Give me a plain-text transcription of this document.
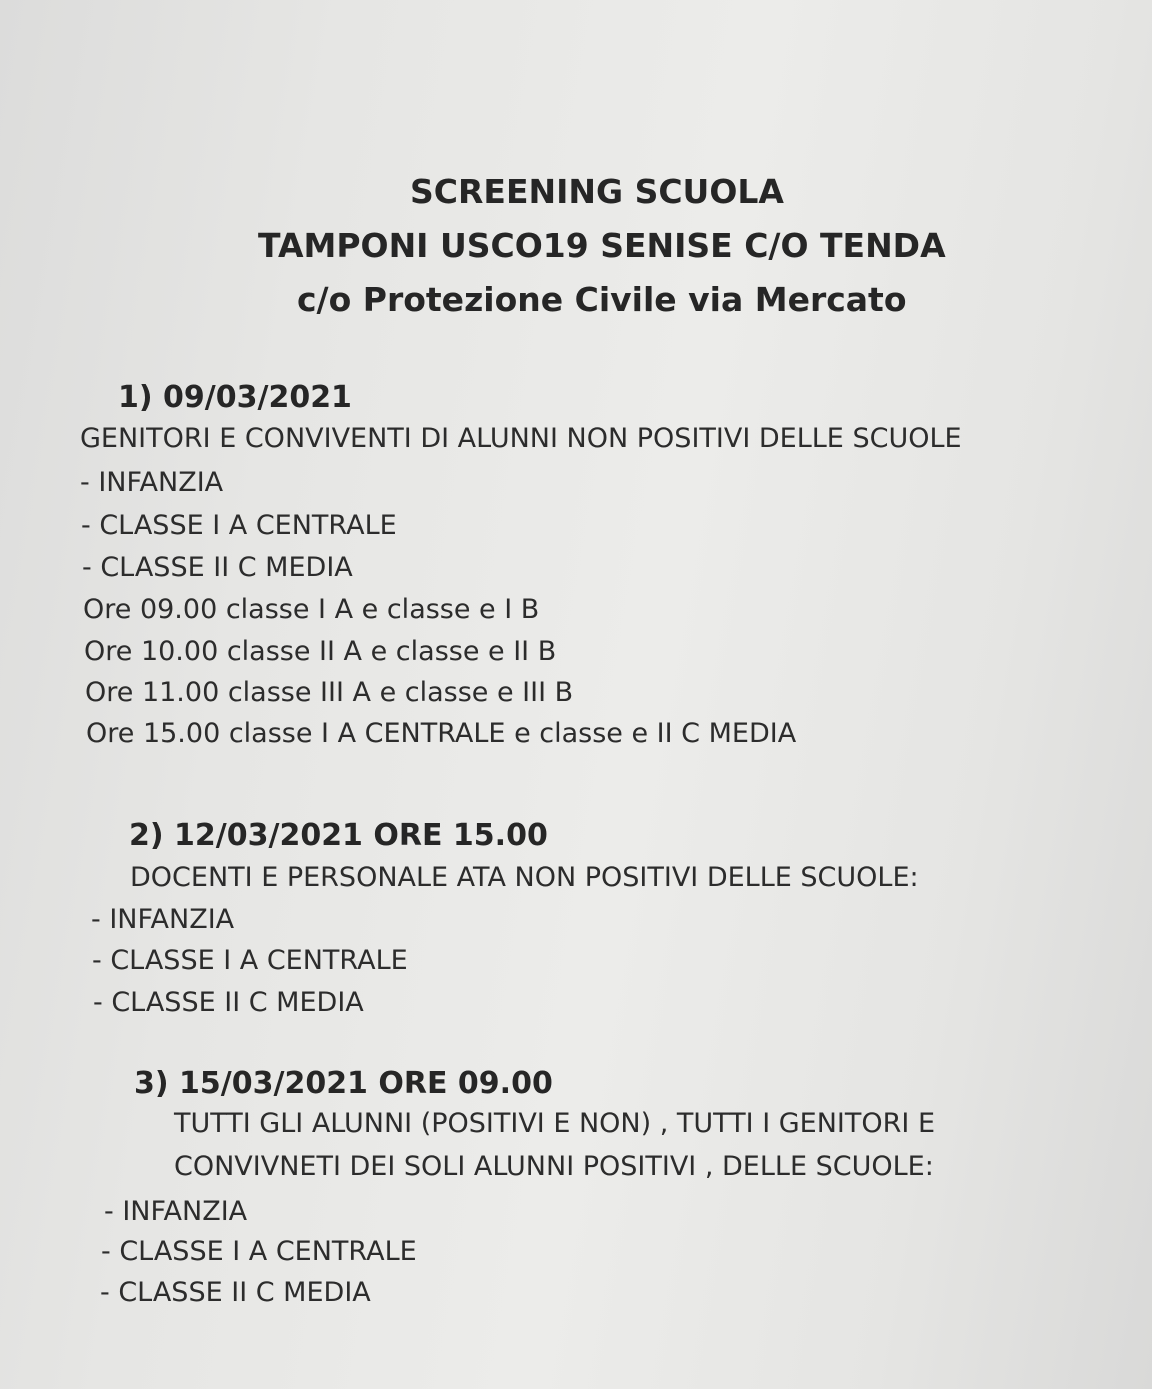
SCREENING SCUOLA
TAMPONI USCO19 SENISE C/O TENDA
c/o Protezione Civile via Mercato
1) 09/03/2021
GENITORI E CONVIVENTI DI ALUNNI NON POSITIVI DELLE SCUOLE
- INFANZIA
- CLASSE I A CENTRALE
- CLASSE II C MEDIA
Ore 09.00 classe I A e classe e I B
Ore 10.00 classe II A e classe e II B
Ore 11.00 classe III A e classe e III B
Ore 15.00 classe I A CENTRALE e classe e II C MEDIA
2) 12/03/2021 ORE 15.00
DOCENTI E PERSONALE ATA NON POSITIVI DELLE SCUOLE:
- INFANZIA
- CLASSE I A CENTRALE
- CLASSE II C MEDIA
3) 15/03/2021 ORE 09.00
TUTTI GLI ALUNNI (POSITIVI E NON) , TUTTI I GENITORI E
CONVIVNETI DEI SOLI ALUNNI POSITIVI , DELLE SCUOLE:
- INFANZIA
- CLASSE I A CENTRALE
- CLASSE II C MEDIA
